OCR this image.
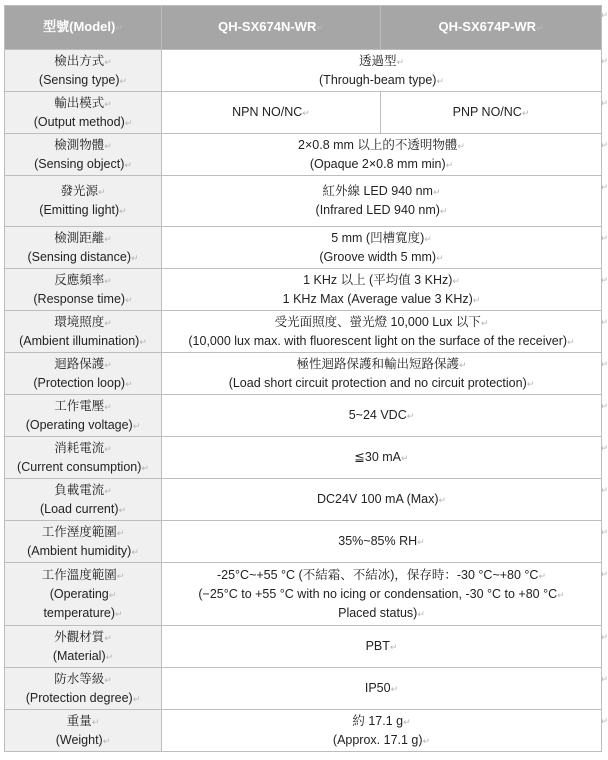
型號(Model)↵	QH-SX674N-WR↵	QH-SX674P-WR↵

檢出方式↵
(Sensing type)↵	透過型↵
(Through-beam type)↵	

輸出模式↵
(Output method)↵	NPN NO/NC↵	PNP NO/NC↵

檢測物體↵
(Sensing object)↵	2×0.8 mm 以上的不透明物體↵
(Opaque 2×0.8 mm min)↵	

發光源↵
(Emitting light)↵	紅外線 LED 940 nm↵
(Infrared LED 940 nm)↵	

檢測距離↵
(Sensing distance)↵	5 mm (凹槽寬度)↵
(Groove width 5 mm)↵	

反應頻率↵
(Response time)↵	1 KHz 以上 (平均值 3 KHz)↵
1 KHz Max (Average value 3 KHz)↵	

環境照度↵
(Ambient illumination)↵	受光面照度、螢光燈 10,000 Lux 以下↵
(10,000 lux max. with fluorescent light on the surface of the receiver)↵	

迴路保護↵
(Protection loop)↵	極性迴路保護和輸出短路保護↵
(Load short circuit protection and no circuit protection)↵	

工作電壓↵
(Operating voltage)↵	5~24 VDC↵	

消耗電流↵
(Current consumption)↵	≦30 mA↵	

負載電流↵
(Load current)↵	DC24V 100 mA (Max)↵	

工作溼度範圍↵
(Ambient humidity)↵	35%~85% RH↵	

工作溫度範圍↵
(Operating↵
temperature)↵	-25°C~+55 °C (不結霜、不結冰)，保存時：-30 °C~+80 °C↵
(−25°C to +55 °C with no icing or condensation, -30 °C to +80 °C↵
Placed status)↵	

外觀材質↵
(Material)↵	PBT↵	

防水等級↵
(Protection degree)↵	IP50↵	

重量↵
(Weight)↵	約 17.1 g↵
(Approx. 17.1 g)↵	
↵
↵
↵
↵
↵
↵
↵
↵
↵
↵
↵
↵
↵
↵
↵
↵
↵
